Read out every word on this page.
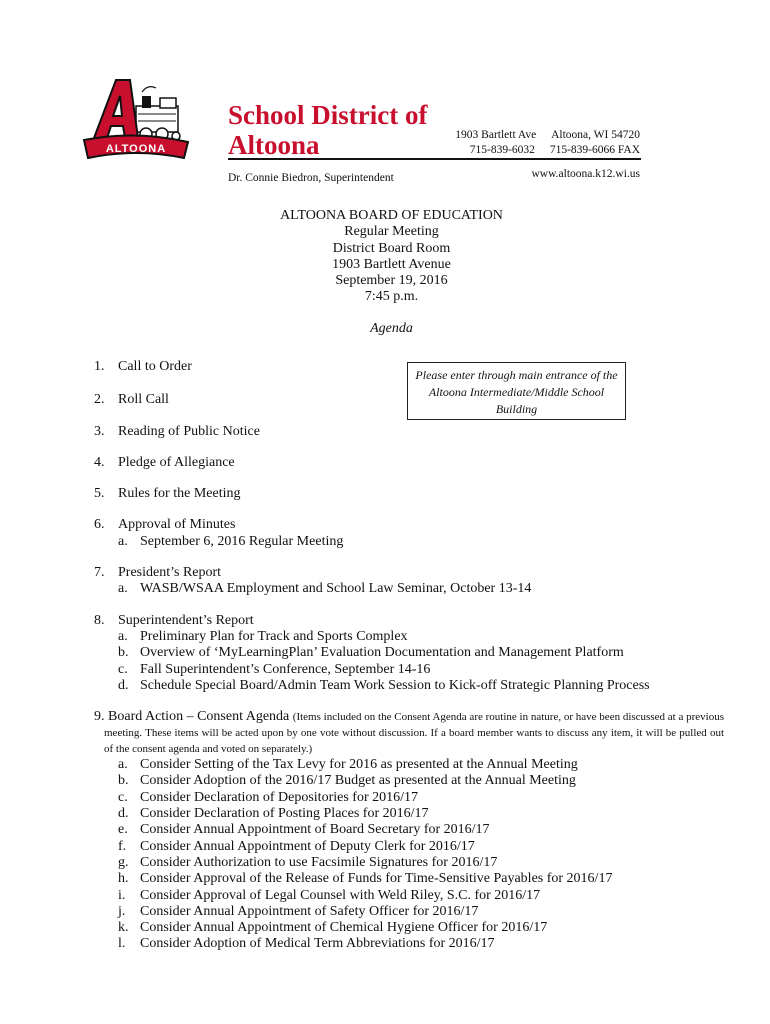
ALTOONA
School District of Altoona	1903 Bartlett Ave Altoona, WI 54720
715-839-6032 715-839-6066 FAX
Dr. Connie Biedron, Superintendent	www.altoona.k12.wi.us
ALTOONA BOARD OF EDUCATION
Regular Meeting
District Board Room
1903 Bartlett Avenue
September 19, 2016
7:45 p.m.
Agenda
Please enter through main entrance of the Altoona Intermediate/Middle School Building
1. Call to Order
2. Roll Call
3. Reading of Public Notice
4. Pledge of Allegiance
5. Rules for the Meeting
6. Approval of Minutes
a. September 6, 2016 Regular Meeting
7. President’s Report
a. WASB/WSAA Employment and School Law Seminar, October 13-14
8. Superintendent’s Report
a. Preliminary Plan for Track and Sports Complex
b. Overview of ‘MyLearningPlan’ Evaluation Documentation and Management Platform
c. Fall Superintendent’s Conference, September 14-16
d. Schedule Special Board/Admin Team Work Session to Kick-off Strategic Planning Process
9. Board Action – Consent Agenda (Items included on the Consent Agenda are routine in nature, or have been discussed at a previous meeting. These items will be acted upon by one vote without discussion. If a board member wants to discuss any item, it will be pulled out of the consent agenda and voted on separately.)
a. Consider Setting of the Tax Levy for 2016 as presented at the Annual Meeting
b. Consider Adoption of the 2016/17 Budget as presented at the Annual Meeting
c. Consider Declaration of Depositories for 2016/17
d. Consider Declaration of Posting Places for 2016/17
e. Consider Annual Appointment of Board Secretary for 2016/17
f. Consider Annual Appointment of Deputy Clerk for 2016/17
g. Consider Authorization to use Facsimile Signatures for 2016/17
h. Consider Approval of the Release of Funds for Time-Sensitive Payables for 2016/17
i.	Consider Approval of Legal Counsel with Weld Riley, S.C. for 2016/17
j.	Consider Annual Appointment of Safety Officer for 2016/17
k. Consider Annual Appointment of Chemical Hygiene Officer for 2016/17
l.	Consider Adoption of Medical Term Abbreviations for 2016/17
